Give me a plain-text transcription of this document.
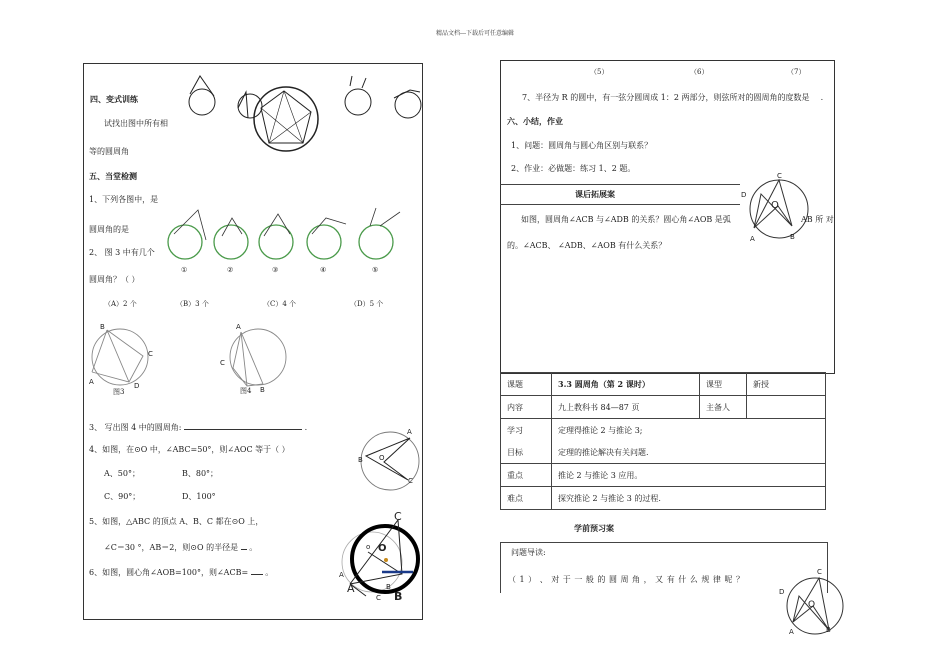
精品文档---下载后可任意编辑
四、变式训练
试找出图中所有相
等的圆周角
五、当堂检测
1、下列各图中，是
圆周角的是
2、 图 3 中有几个
圆周角？（ ）
①	②	③	④	⑤
（A）2 个	（B）3 个	（C）4 个	（D）5 个
B
C
A	D
图3
A
C
图4 B
3、 写出图 4 中的圆周角:	.
4、如图，在⊙O 中，∠ABC=50°，则∠AOC 等于（ ）
A、50°；	B、80°；
C、90°；	D、100°
A
B O
C
5、如图，△ABC 的顶点 A、B、C 都在⊙O 上，
∠C＝30 °，AB＝2，则⊙O 的半径是 。
6、如图，圆心角∠AOB=100°，则∠ACB=  。
C
O
o
A
A
C
B
B
（5）	（6）	（7）
7、半径为 R 的圆中，有一弦分圆周成 1：2 两部分，则弦所对的圆周角的度数是 .
六、小结，作业
1、问题：圆周角与圆心角区别与联系？
2、作业：必做题：练习 1、2 题。
课后拓展案
如图，圆周角∠ACB 与∠ADB 的关系？圆心角∠AOB 是弧	AB 所 对
的。∠ACB、 ∠ADB、∠AOB 有什么关系？
C
D
O
A	B
课题	3.3 圆周角（第 2 课时）	课型	新授
内容	九上教科书 84—87 页	主备人	
学习	定理得推论 2 与推论 3;		
目标	定理的推论解决有关问题.		
重点	推论 2 与推论 3 应用。		
难点	探究推论 2 与推论 3 的过程.		
学前预习案
问题导读:
（ 1 ） 、 对 于 一 般 的 圆 周 角 ， 又 有 什 么 规 律 呢 ？
C
D
O
A	B
